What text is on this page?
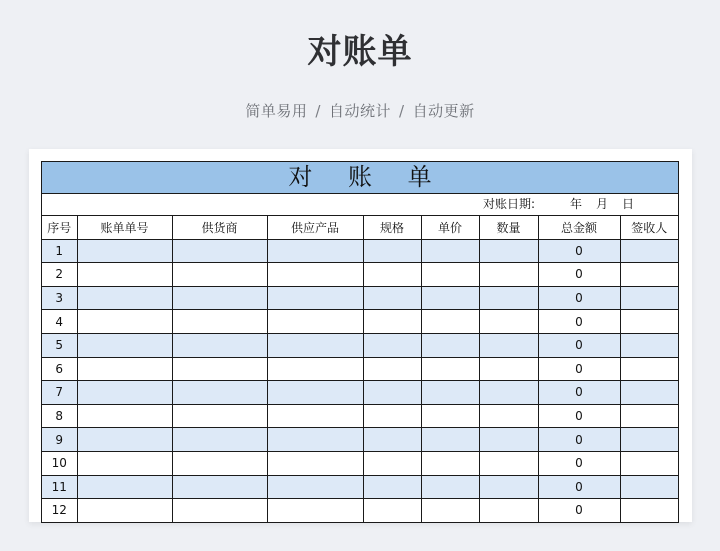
对账单
简单易用 / 自动统计 / 自动更新
对 账 单
对账日期:	年 月 日
序号	账单单号	供货商	供应产品	规格	单价	数量	总金额	签收人
1							0	
2							0	
3							0	
4							0	
5							0	
6							0	
7							0	
8							0	
9							0	
10							0	
11							0	
12							0	
